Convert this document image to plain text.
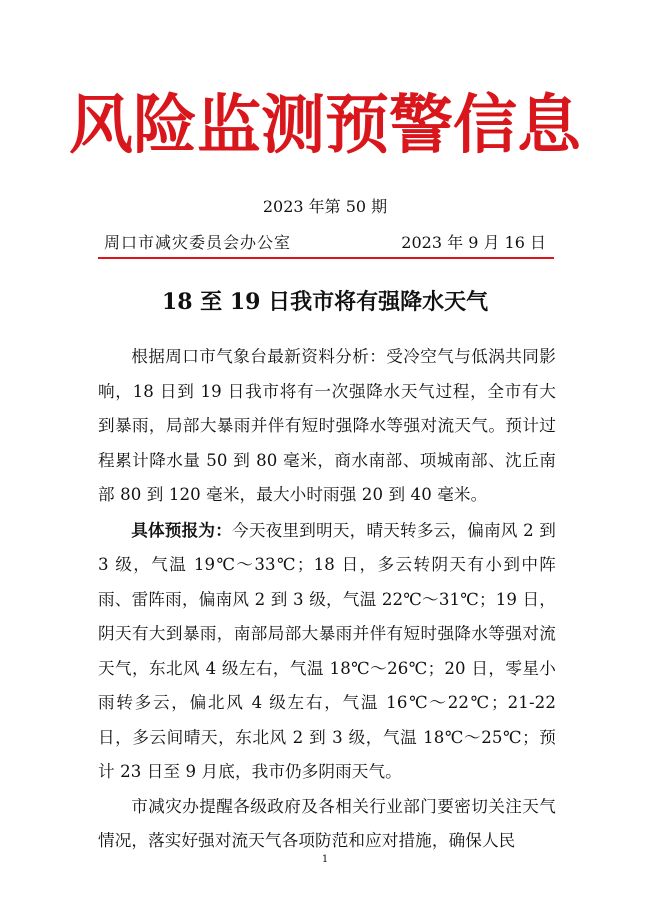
风险监测预警信息
2023 年第 50 期
周口市减灾委员会办公室	2023 年 9 月 16 日
18 至 19 日我市将有强降水天气

根据周口市气象台最新资料分析：受冷空气与低涡共同影响，18 日到 19 日我市将有一次强降水天气过程，全市有大到暴雨，局部大暴雨并伴有短时强降水等强对流天气。预计过程累计降水量 50 到 80 毫米，商水南部、项城南部、沈丘南部 80 到 120 毫米，最大小时雨强 20 到 40 毫米。

具体预报为：今天夜里到明天，晴天转多云，偏南风 2 到 3 级，气温 19℃～33℃；18 日，多云转阴天有小到中阵雨、雷阵雨，偏南风 2 到 3 级，气温 22℃～31℃；19 日，阴天有大到暴雨，南部局部大暴雨并伴有短时强降水等强对流天气，东北风 4 级左右，气温 18℃～26℃；20 日，零星小雨转多云，偏北风 4 级左右，气温 16℃～22℃；21-22 日，多云间晴天，东北风 2 到 3 级，气温 18℃～25℃；预计 23 日至 9 月底，我市仍多阴雨天气。

市减灾办提醒各级政府及各相关行业部门要密切关注天气情况，落实好强对流天气各项防范和应对措施，确保人民

1
